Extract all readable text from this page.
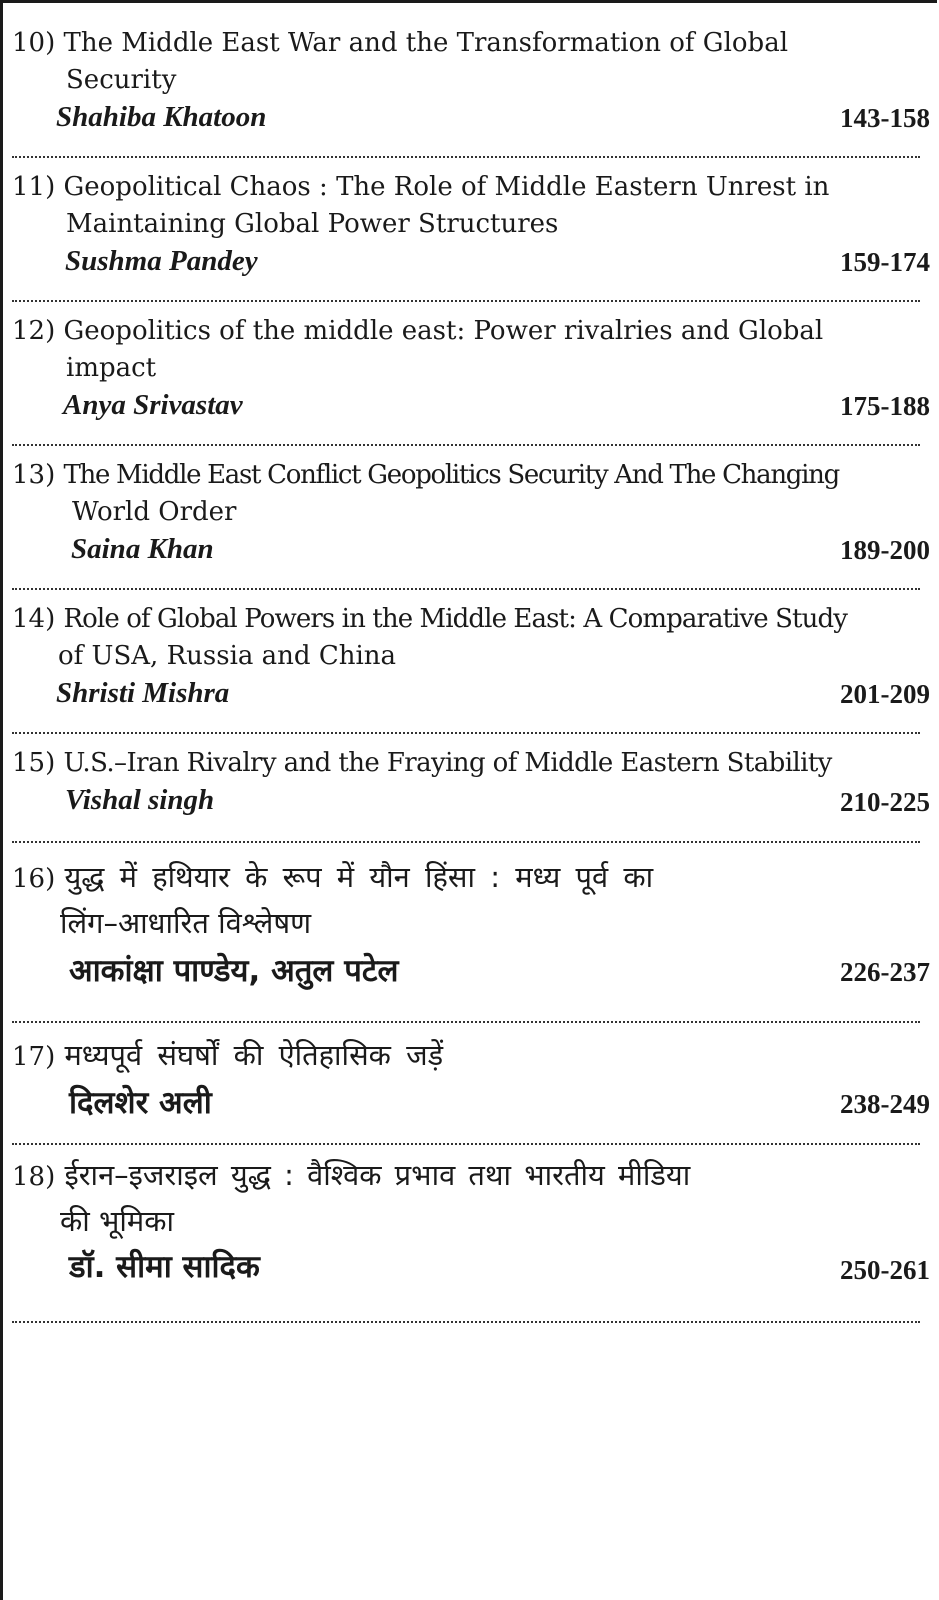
10) The Middle East War and the Transformation of Global
Security

Shahiba Khatoon	143-158

11) Geopolitical Chaos : The Role of Middle Eastern Unrest in
Maintaining Global Power Structures

Sushma Pandey	159-174

12) Geopolitics of the middle east: Power rivalries and Global
impact

Anya Srivastav	175-188

13) The Middle East Conflict Geopolitics Security And The Changing
World Order

Saina Khan	189-200

14) Role of Global Powers in the Middle East: A Comparative Study
of USA, Russia and China

Shristi Mishra	201-209

15) U.S.–Iran Rivalry and the Fraying of Middle Eastern Stability

Vishal singh	210-225

16) युद्ध में हथियार के रूप में यौन हिंसा : मध्य पूर्व का
लिंग–आधारित विश्लेषण

आकांक्षा पाण्डेय, अतुल पटेल	226-237

17) मध्यपूर्व संघर्षों की ऐतिहासिक जड़ें

दिलशेर अली	238-249

18) ईरान–इजराइल युद्ध : वैश्विक प्रभाव तथा भारतीय मीडिया
की भूमिका

डॉ. सीमा सादिक	250-261
